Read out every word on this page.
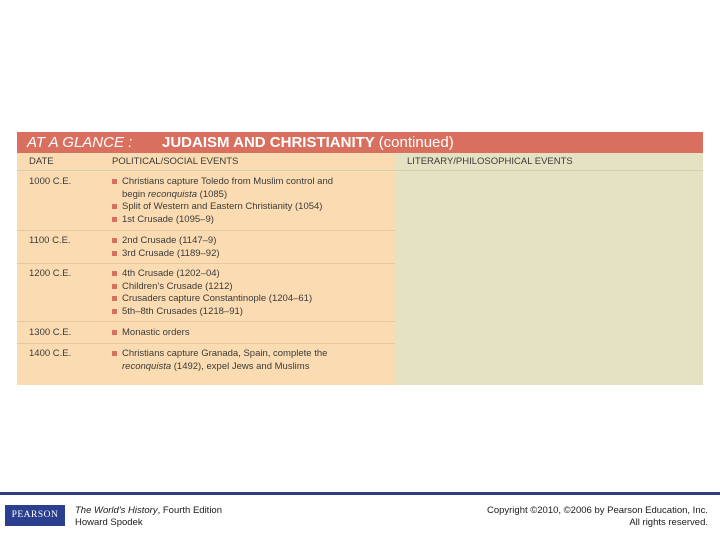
AT A GLANCE : JUDAISM AND CHRISTIANITY (continued)
DATE	POLITICAL/SOCIAL EVENTS	LITERARY/PHILOSOPHICAL EVENTS
1000 C.E.	Christians capture Toledo from Muslim control and
begin reconquista (1085)
Split of Western and Eastern Christianity (1054)
1st Crusade (1095–9)
1100 C.E.	2nd Crusade (1147–9)
3rd Crusade (1189–92)
1200 C.E.	4th Crusade (1202–04)
Children's Crusade (1212)
Crusaders capture Constantinople (1204–61)
5th–8th Crusades (1218–91)
1300 C.E.	Monastic orders
1400 C.E.	Christians capture Granada, Spain, complete the
reconquista (1492), expel Jews and Muslims
PEARSON	The World's History, Fourth Edition
Howard Spodek
Copyright ©2010, ©2006 by Pearson Education, Inc.
All rights reserved.
